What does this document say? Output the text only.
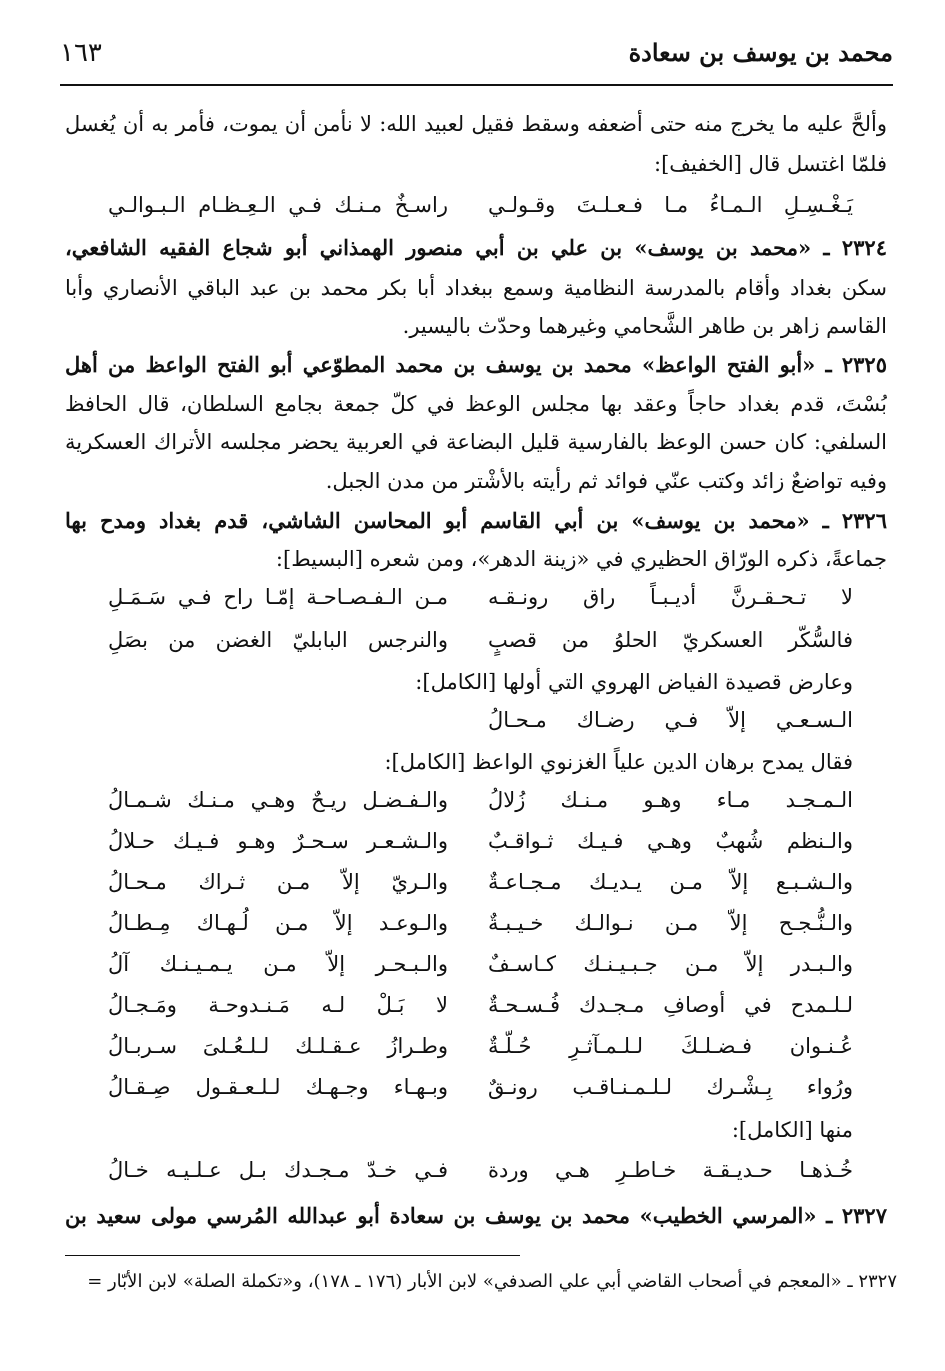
محمد بن يوسف بن سعادة
١٦٣
وألحَّ عليه ما يخرج منه حتى أضعفه وسقط فقيل لعبيد الله: لا نأمن أن يموت، فأمر به أن يُغسل
فلمّا اغتسل قال [الخفيف]:
يَـغْـسِـلِ الـمـاءُ مـا فـعـلـتَ وقـولـي
راسـخٌ مـنـك فـي الـعِـظـام الـبـوالـي
٢٣٢٤ ـ «محمد بن يوسف» بن علي بن أبي منصور الهمذاني أبو شجاع الفقيه الشافعي،
سكن بغداد وأقام بالمدرسة النظامية وسمع ببغداد أبا بكر محمد بن عبد الباقي الأنصاري وأبا
القاسم زاهر بن طاهر الشَّحامي وغيرهما وحدّث باليسير.
٢٣٢٥ ـ «أبو الفتح الواعظ» محمد بن يوسف بن محمد المطوّعي أبو الفتح الواعظ من أهل
بُسْتَ، قدم بغداد حاجاً وعقد بها مجلس الوعظ في كلّ جمعة بجامع السلطان، قال الحافظ
السلفي: كان حسن الوعظ بالفارسية قليل البضاعة في العربية يحضر مجلسه الأتراك العسكرية
وفيه تواضعٌ زائد وكتب عنّي فوائد ثم رأيته بالأشْتر من مدن الجبل.
٢٣٢٦ ـ «محمد بن يوسف» بن أبي القاسم أبو المحاسن الشاشي، قدم بغداد ومدح بها
جماعةً، ذكره الورّاق الحظيري في «زينة الدهر»، ومن شعره [البسيط]:
لا تـحـقـرنَّ أديـبـاً راق رونـقـه
مـن الـفـصـاحـة إمّـا راح فـي سَـمَـلِ
فالسُّكّر العسكريّ الحلوُ من قصبٍ
والنرجس البابليّ الغضن من بصَلِ
وعارض قصيدة الفياض الهروي التي أولها [الكامل]:
الـسـعـي إلاّ فـي رضـاك مـحـالُ
فقال يمدح برهان الدين علياً الغزنوي الواعظ [الكامل]:
الـمـجـد مـاء وهـو مـنـك زُلالُ
والـفـضـل ريـحٌ وهـي مـنـك شـمـالُ
والـنظم شُهبٌ وهـي فـيـك ثـواقـبٌ
والـشـعـر سـحـرٌ وهـو فـيـك حـلالُ
والـشـبـع إلاّ مـن يـديـك مـجـاعـةٌ
والـريّ إلاّ مـن ثـراك مـحـالُ
والـنُّـجـح إلاّ مـن نـوالـك خـيـبـةٌ
والـوعـد إلاّ مـن لُـهـاك مِـطـالُ
والـبـدر إلاّ مـن جـبـيـنـك كـاسـفٌ
والـبـحـر إلاّ مـن يـمـيـنـك آلُ
لـلـمدح في أوصافِ مـجـدك فُـسـحـةٌ
لا بَـلْ لـه مَـنـدوحـة ومَـجـالُ
عُـنـوان فـضـلـكَ لـلـمـآثـرِ حُـلّـةٌ
وطـرازُ عـقـلـك لـلـعُـلىَ سـربـالُ
ورُواء بِـشْـرك لـلـمـنـاقـب رونـقٌ
وبـهـاء وجـهـك لـلـعـقـول صِـقـالُ
منها [الكامل]:
خُـذهـا حـديـقـة خـاطـرِ هـي وردة
فـي خـدّ مـجـدك بـل عـلـيـه خـالُ
٢٣٢٧ ـ «المرسي الخطيب» محمد بن يوسف بن سعادة أبو عبدالله المُرسي مولى سعيد بن
٢٣٢٧ ـ «المعجم في أصحاب القاضي أبي علي الصدفي» لابن الأبار (١٧٦ ـ ١٧٨)، و«تكملة الصلة» لابن الأبّار =
